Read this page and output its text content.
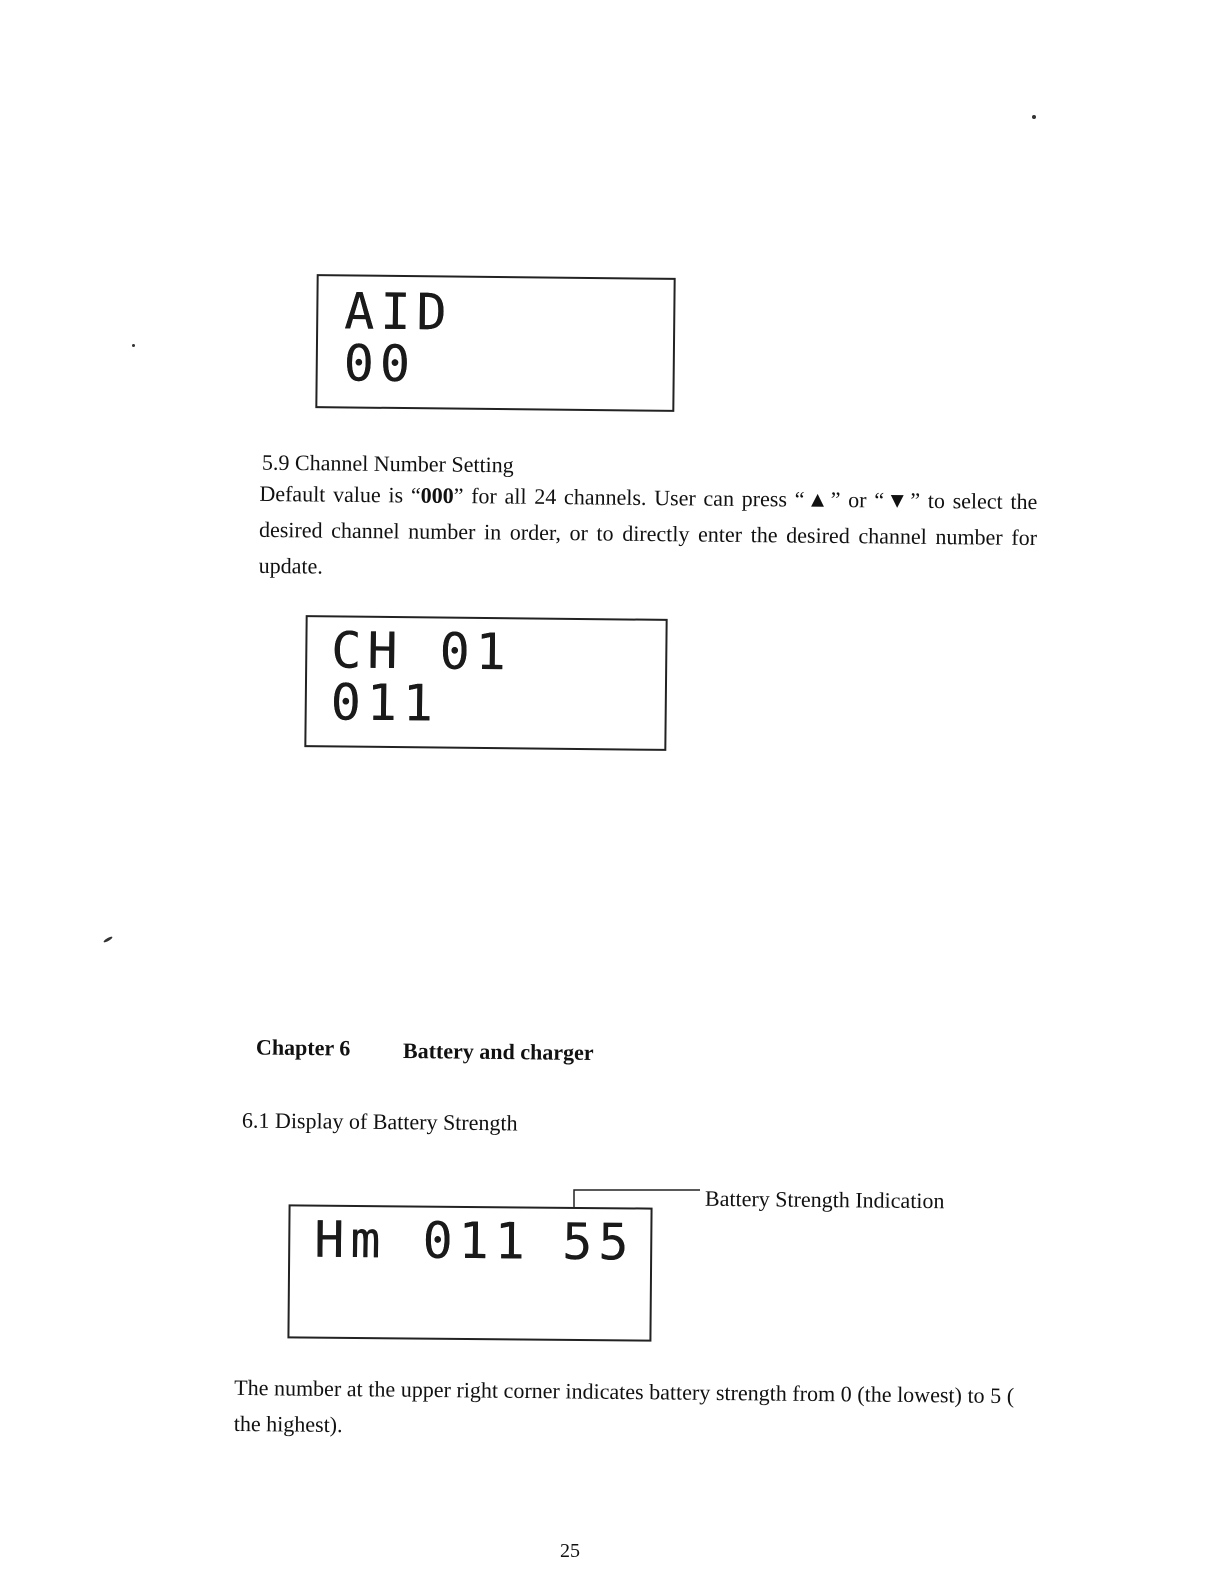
AID
00
5.9 Channel Number Setting
Default value is “000” for all 24 channels. User can press “▲” or “▼” to select the desired channel number in order, or to directly enter the desired channel number for update.
CH 01
011
Chapter 6 Battery and charger
6.1 Display of Battery Strength
Battery Strength Indication
Hm 011 55
The number at the upper right corner indicates battery strength from 0 (the lowest) to 5 ( the highest).
25
